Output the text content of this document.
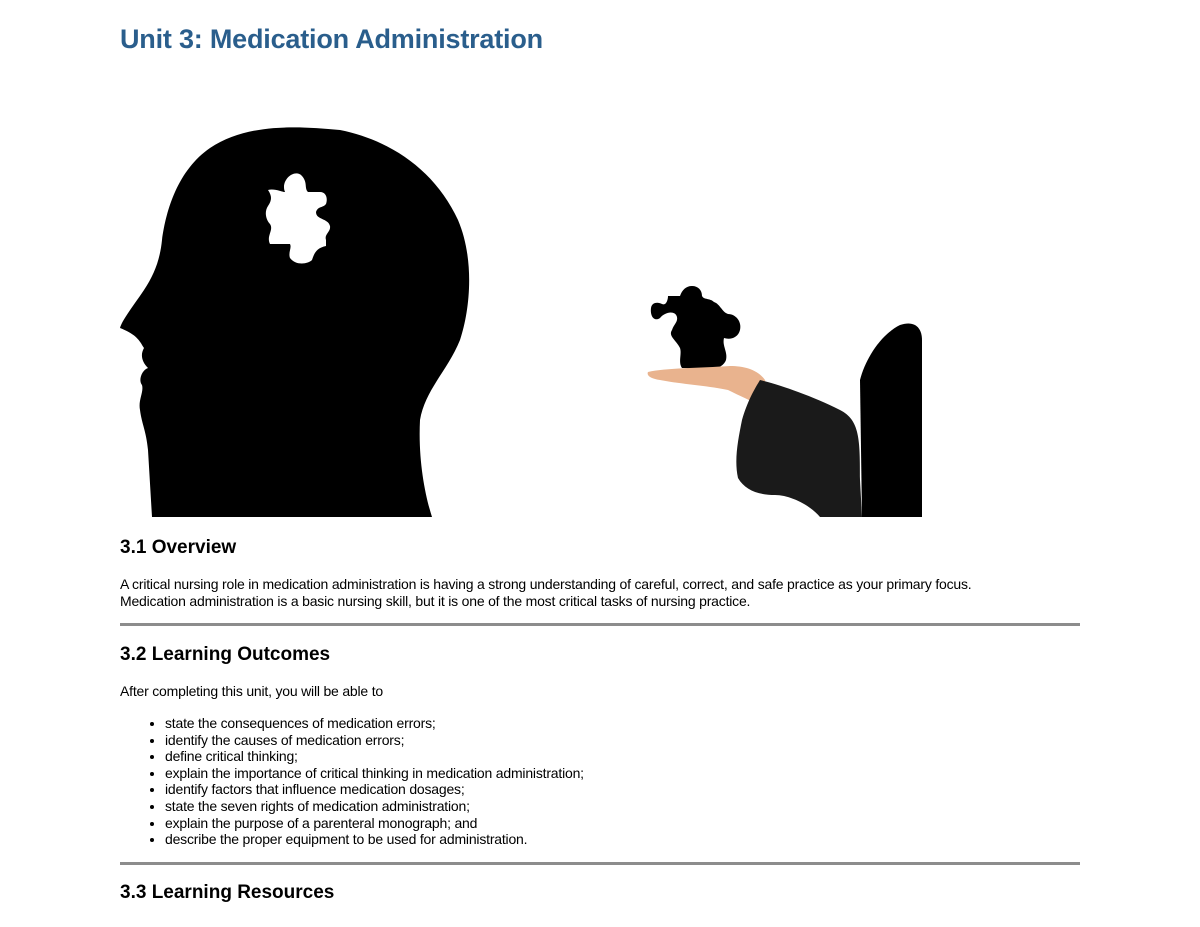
Unit 3: Medication Administration
3.1 Overview

A critical nursing role in medication administration is having a strong understanding of careful, correct, and safe practice as your primary focus.
Medication administration is a basic nursing skill, but it is one of the most critical tasks of nursing practice.

3.2 Learning Outcomes

After completing this unit, you will be able to

• state the consequences of medication errors;
• identify the causes of medication errors;
• define critical thinking;
• explain the importance of critical thinking in medication administration;
• identify factors that influence medication dosages;
• state the seven rights of medication administration;
• explain the purpose of a parenteral monograph; and
• describe the proper equipment to be used for administration.
3.3 Learning Resources
